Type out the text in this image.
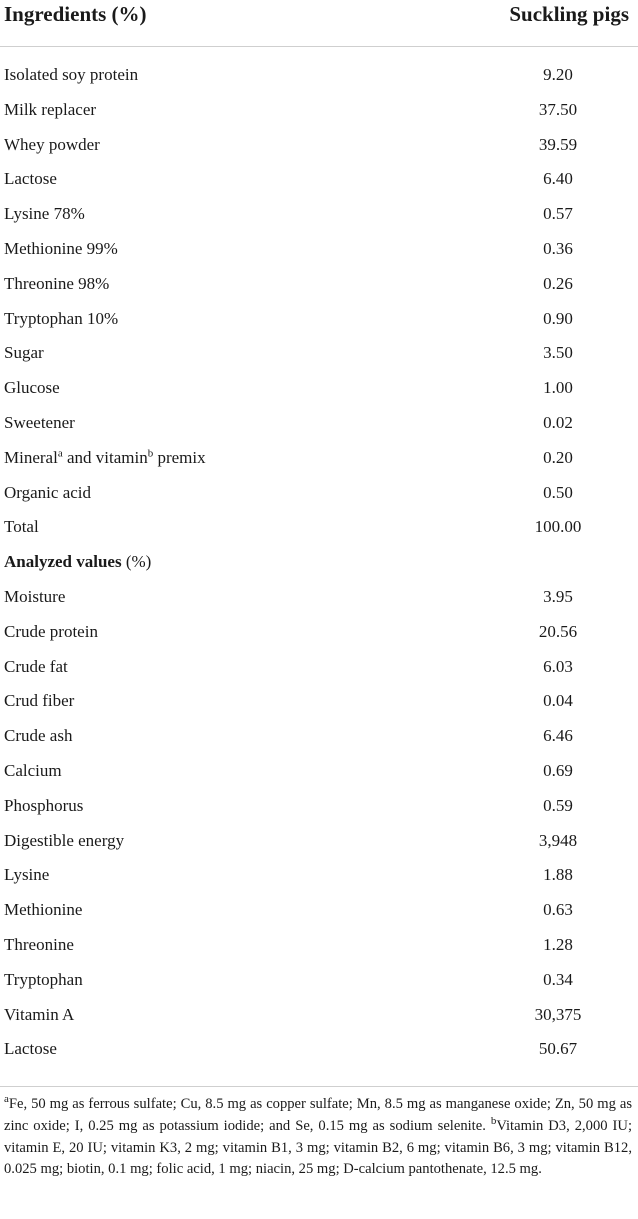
Ingredients (%)	Suckling pigs
Isolated soy protein	9.20
Milk replacer	37.50
Whey powder	39.59
Lactose	6.40
Lysine 78%	0.57
Methionine 99%	0.36
Threonine 98%	0.26
Tryptophan 10%	0.90
Sugar	3.50
Glucose	1.00
Sweetener	0.02
Mineral$^a$ and vitamin$^b$ premix	0.20
Organic acid	0.50
Total	100.00
Analyzed values (%)
Moisture	3.95
Crude protein	20.56
Crude fat	6.03
Crud fiber	0.04
Crude ash	6.46
Calcium	0.69
Phosphorus	0.59
Digestible energy	3,948
Lysine	1.88
Methionine	0.63
Threonine	1.28
Tryptophan	0.34
Vitamin A	30,375
Lactose	50.67
$^a$Fe, 50 mg as ferrous sulfate; Cu, 8.5 mg as copper sulfate; Mn, 8.5 mg as manganese oxide; Zn, 50 mg as zinc oxide; I, 0.25 mg as potassium iodide; and Se, 0.15 mg as sodium selenite. $^b$Vitamin D3, 2,000 IU; vitamin E, 20 IU; vitamin K3, 2 mg; vitamin B1, 3 mg; vitamin B2, 6 mg; vitamin B6, 3 mg; vitamin B12, 0.025 mg; biotin, 0.1 mg; folic acid, 1 mg; niacin, 25 mg; D-calcium pantothenate, 12.5 mg.
